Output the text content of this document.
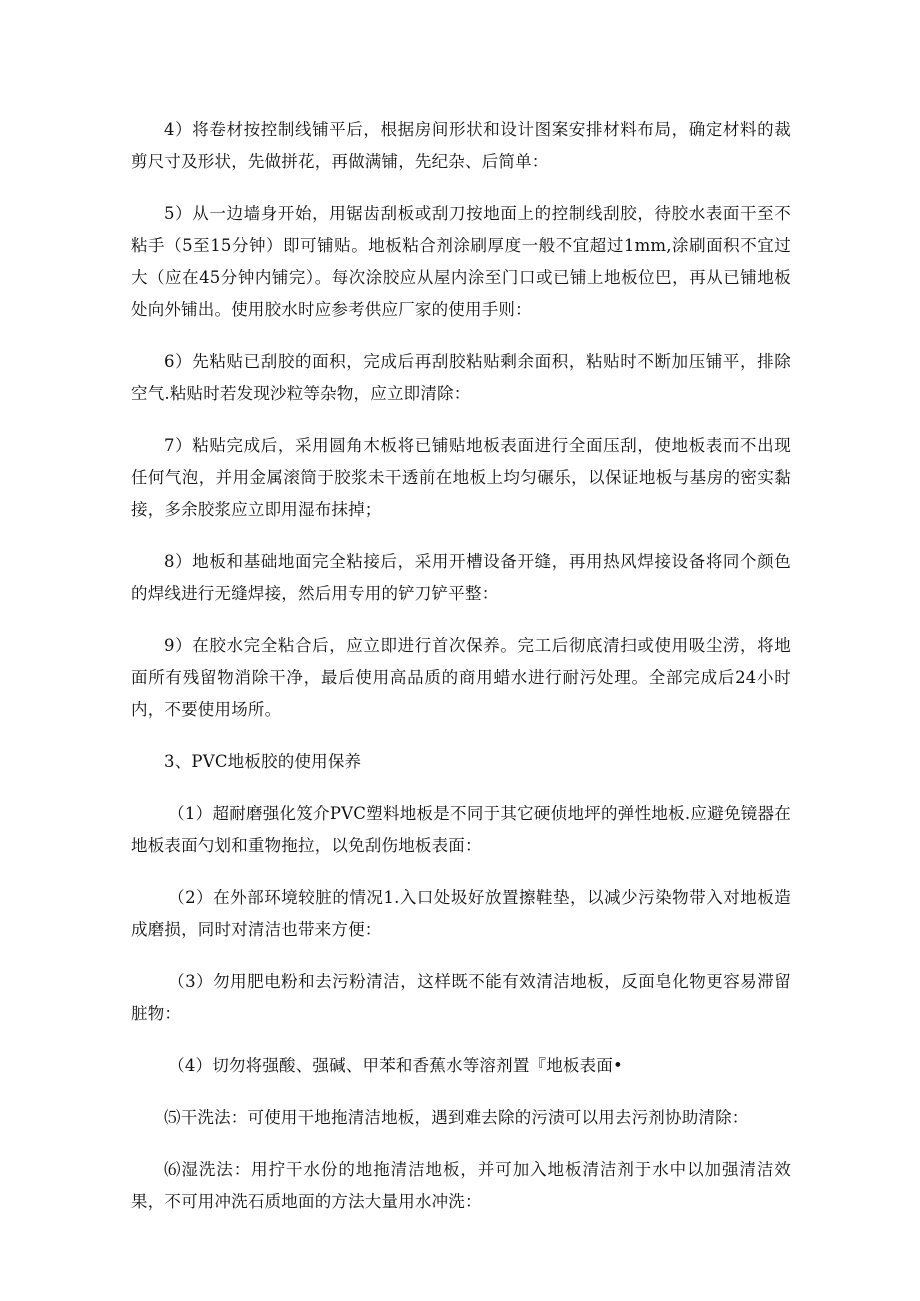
4）将卷材按控制线铺平后，根据房间形状和设计图案安排材料布局，确定材料的裁剪尺寸及形状，先做拼花，再做满铺，先纪杂、后简单：

5）从一边墙身开始，用锯齿刮板或刮刀按地面上的控制线刮胶，待胶水表面干至不粘手（5至15分钟）即可铺贴。地板粘合剂涂刷厚度一般不宜超过1mm,涂刷面积不宜过大（应在45分钟内铺完）。每次涂胶应从屋内涂至门口或已铺上地板位巴，再从已铺地板处向外铺出。使用胶水时应参考供应厂家的使用手则：

6）先粘贴已刮胶的面积，完成后再刮胶粘贴剩余面积，粘贴时不断加压铺平，排除空气.粘贴时若发现沙粒等杂物，应立即清除：

7）粘贴完成后，采用圆角木板将已铺贴地板表面进行全面压刮，使地板表而不出现任何气泡，并用金属滚筒于胶浆未干透前在地板上均匀碾乐，以保证地板与基房的密实黏接，多余胶浆应立即用湿布抹掉；

8）地板和基础地面完全粘接后，采用开槽设备开缝，再用热风焊接设备将同个颜色的焊线进行无缝焊接，然后用专用的铲刀铲平整：

9）在胶水完全粘合后，应立即进行首次保养。完工后彻底清扫或使用吸尘涝，将地面所有残留物消除干净，最后使用高品质的商用蜡水进行耐污处理。全部完成后24小时内，不要使用场所。

3、PVC地板胶的使用保养

（1）超耐磨强化笈介PVC塑料地板是不同于其它硬侦地坪的弹性地板.应避免镜器在地板表面勺划和重物拖拉，以免刮伤地板表面：

（2）在外部环境较脏的情况1.入口处圾好放置擦鞋垫，以减少污染物带入对地板造成磨损，同时对清洁也带来方便：

（3）勿用肥电粉和去污粉清洁，这样既不能有效清洁地板，反面皂化物更容易滞留脏物：

（4）切勿将强酸、强碱、甲苯和香蕉水等溶剂置『地板表面•

⑸干洗法：可使用干地拖清洁地板，遇到难去除的污渍可以用去污剂协助清除：

⑹湿洗法：用拧干水份的地拖清洁地板，并可加入地板清洁剂于水中以加强清洁效果，不可用冲洗石质地面的方法大量用水冲洗：
